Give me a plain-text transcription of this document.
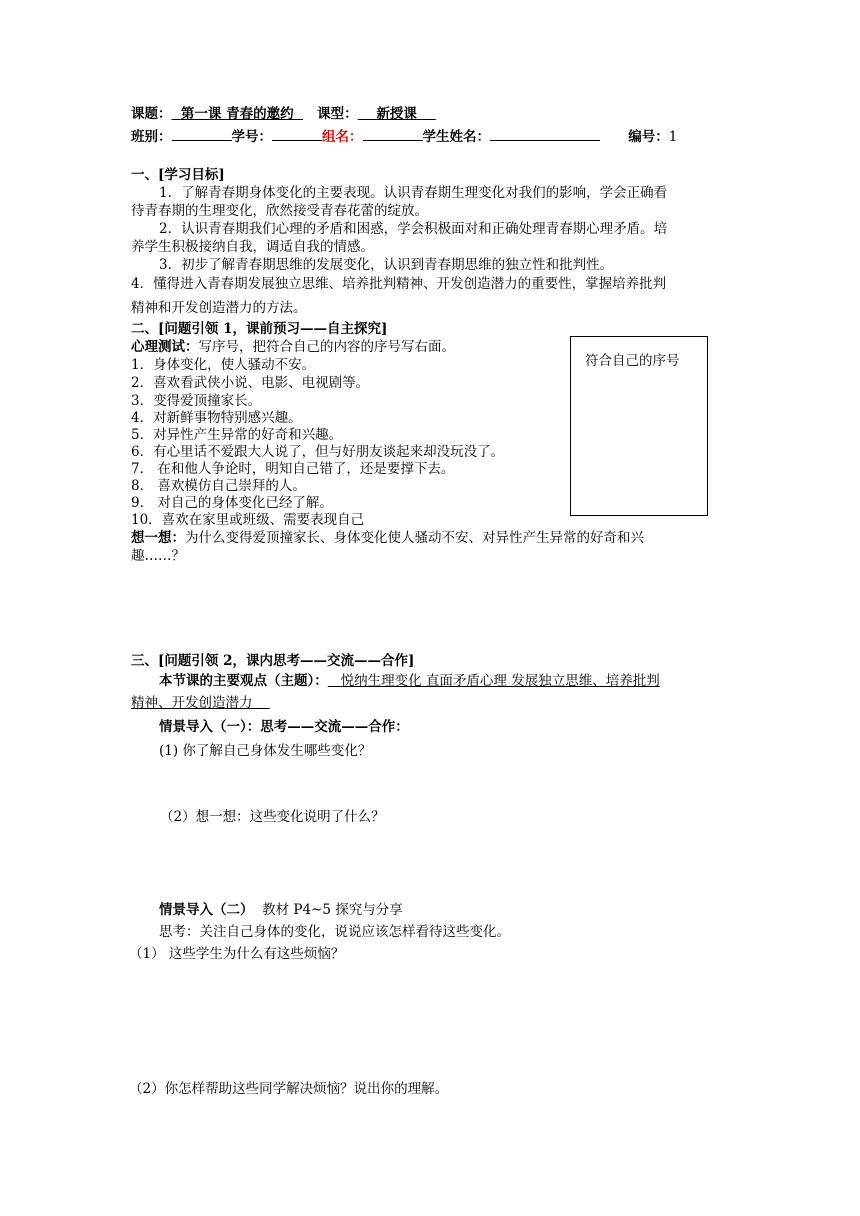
课题： 第一课 青春的邀约 课型： 新授课
班别：	学号：	组名：	学生姓名：	编号：1
一、[学习目标]
1．了解青春期身体变化的主要表现。认识青春期生理变化对我们的影响，学会正确看
待青春期的生理变化，欣然接受青春花蕾的绽放。
2．认识青春期我们心理的矛盾和困惑，学会积极面对和正确处理青春期心理矛盾。培
养学生积极接纳自我，调适自我的情感。
3．初步了解青春期思维的发展变化，认识到青春期思维的独立性和批判性。
4．懂得进入青春期发展独立思维、培养批判精神、开发创造潜力的重要性，掌握培养批判
精神和开发创造潜力的方法。
二、[问题引领 1，课前预习——自主探究]
心理测试：写序号，把符合自己的内容的序号写右面。
1．身体变化，使人骚动不安。
2．喜欢看武侠小说、电影、电视剧等。
3．变得爱顶撞家长。
4．对新鲜事物特别感兴趣。
5．对异性产生异常的好奇和兴趣。
6．有心里话不爱跟大人说了，但与好朋友谈起来却没玩没了。
7． 在和他人争论时，明知自己错了，还是要撑下去。
8． 喜欢模仿自己崇拜的人。
9． 对自己的身体变化已经了解。
10．喜欢在家里或班级、需要表现自己
符合自己的序号
想一想：为什么变得爱顶撞家长、身体变化使人骚动不安、对异性产生异常的好奇和兴
趣……？
三、[问题引领 2，课内思考——交流——合作]
本节课的主要观点（主题）： 悦纳生理变化 直面矛盾心理 发展独立思维、培养批判
精神、开发创造潜力
情景导入（一）：思考——交流——合作：
(1) 你了解自己身体发生哪些变化？
（2）想一想：这些变化说明了什么？
情景导入（二） 教材 P4~5 探究与分享
思考：关注自己身体的变化，说说应该怎样看待这些变化。
（1） 这些学生为什么有这些烦恼？
（2）你怎样帮助这些同学解决烦恼？说出你的理解。
